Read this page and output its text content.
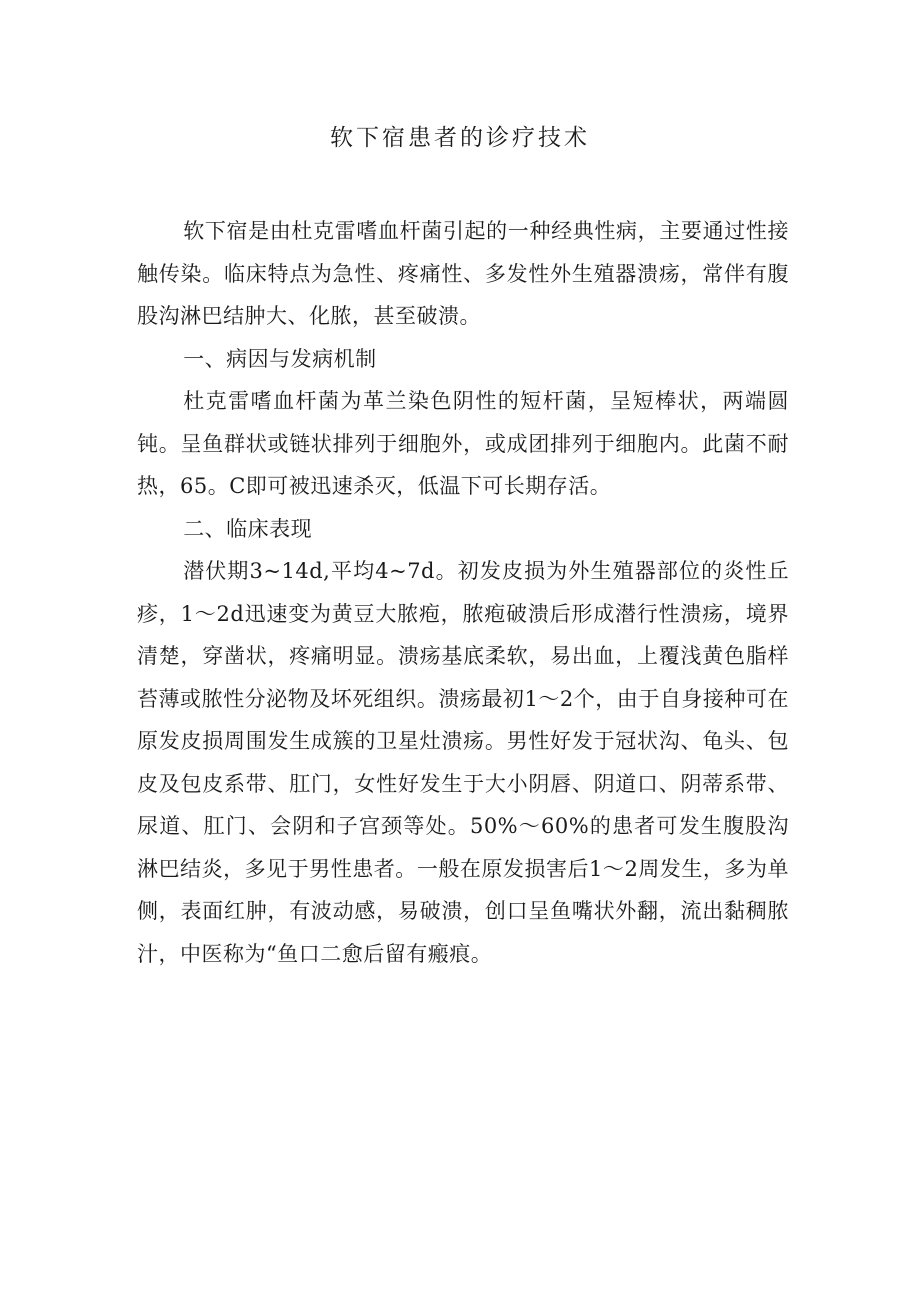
软下宿患者的诊疗技术

软下宿是由杜克雷嗜血杆菌引起的一种经典性病，主要通过性接触传染。临床特点为急性、疼痛性、多发性外生殖器溃疡，常伴有腹股沟淋巴结肿大、化脓，甚至破溃。

一、病因与发病机制

杜克雷嗜血杆菌为革兰染色阴性的短杆菌，呈短棒状，两端圆钝。呈鱼群状或链状排列于细胞外，或成团排列于细胞内。此菌不耐热，65。C即可被迅速杀灭，低温下可长期存活。

二、临床表现

潜伏期3~14d,平均4~7d。初发皮损为外生殖器部位的炎性丘疹，1～2d迅速变为黄豆大脓疱，脓疱破溃后形成潜行性溃疡，境界清楚，穿凿状，疼痛明显。溃疡基底柔软，易出血，上覆浅黄色脂样苔薄或脓性分泌物及坏死组织。溃疡最初1～2个，由于自身接种可在原发皮损周围发生成簇的卫星灶溃疡。男性好发于冠状沟、龟头、包皮及包皮系带、肛门，女性好发生于大小阴唇、阴道口、阴蒂系带、尿道、肛门、会阴和子宫颈等处。50%～60%的患者可发生腹股沟淋巴结炎，多见于男性患者。一般在原发损害后1～2周发生，多为单侧，表面红肿，有波动感，易破溃，创口呈鱼嘴状外翻，流出黏稠脓汁，中医称为“鱼口二愈后留有瘢痕。
